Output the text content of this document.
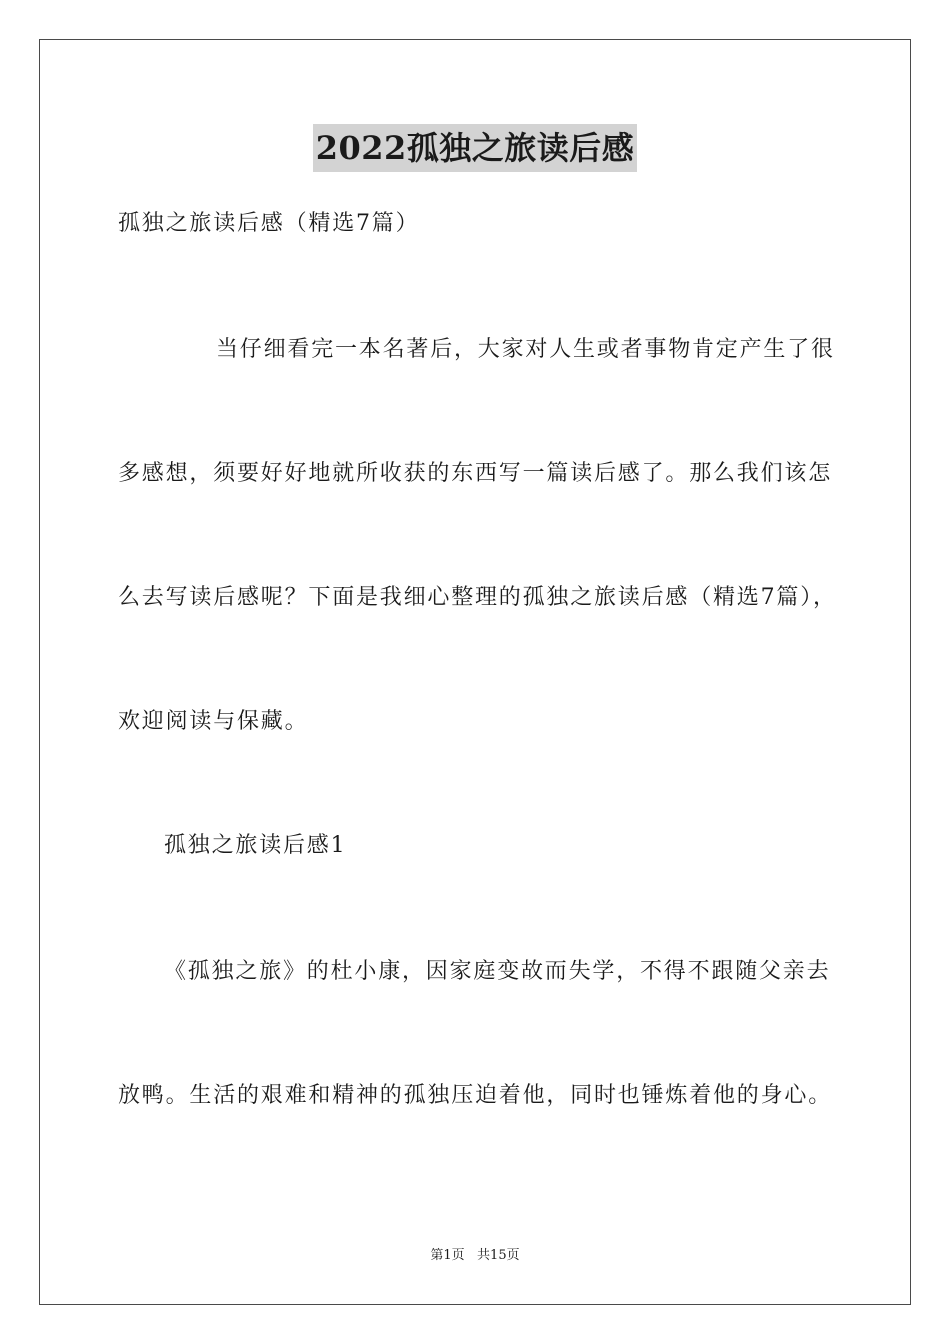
2022孤独之旅读后感
孤独之旅读后感（精选7篇）
当仔细看完一本名著后，大家对人生或者事物肯定产生了很
多感想，须要好好地就所收获的东西写一篇读后感了。那么我们该怎
么去写读后感呢？下面是我细心整理的孤独之旅读后感（精选7篇），
欢迎阅读与保藏。
孤独之旅读后感1
《孤独之旅》的杜小康，因家庭变故而失学，不得不跟随父亲去
放鸭。生活的艰难和精神的孤独压迫着他，同时也锤炼着他的身心。
第1页   共15页
